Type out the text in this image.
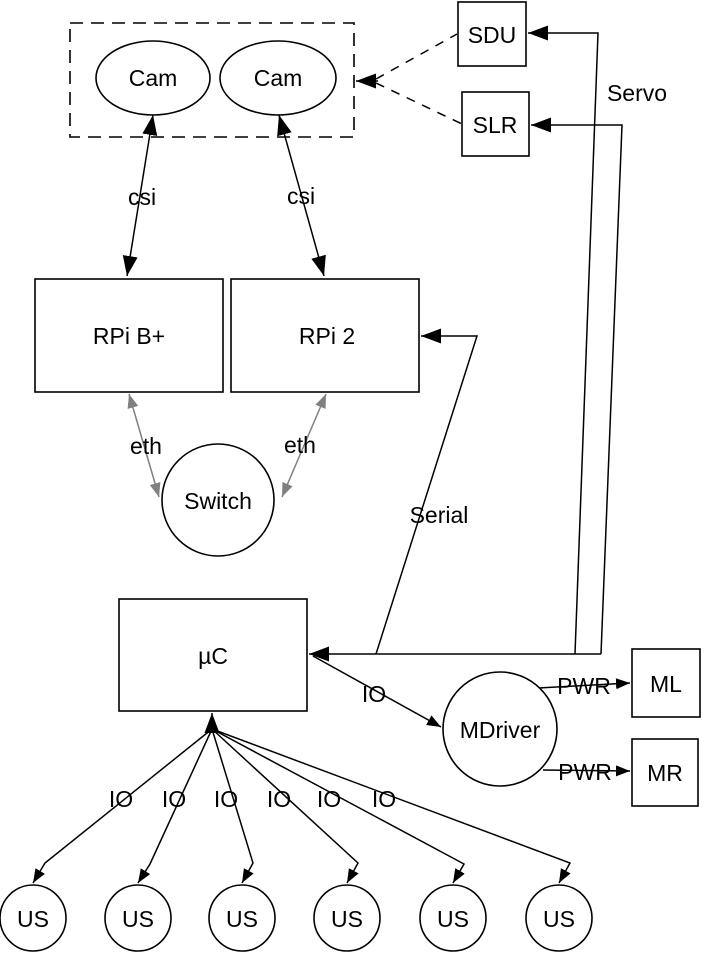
Cam	Cam
SDU
SLR
RPi B+	RPi 2
Switch
µC
MDriver
ML
MR
US	US	US	US	US	US
csi	csi
eth	eth
Servo
Serial
IO	PWR
PWR
IO IO IO IO IO IO
